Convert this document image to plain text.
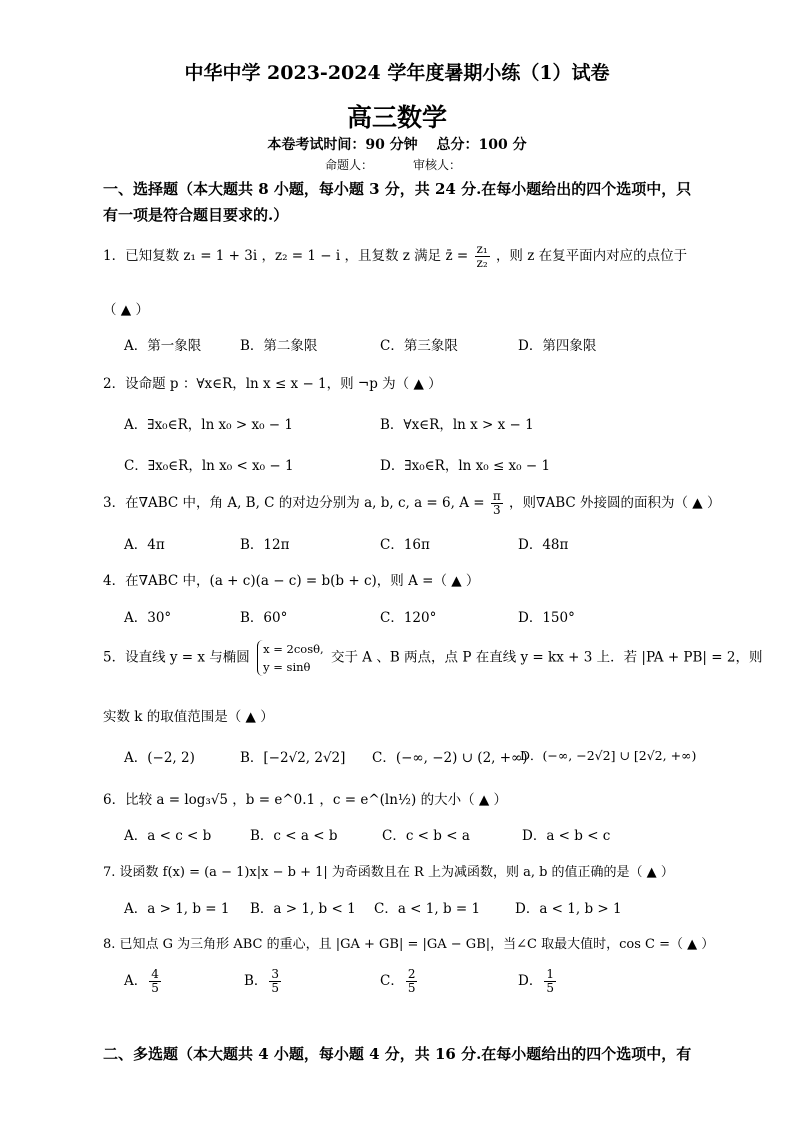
中华中学 2023-2024 学年度暑期小练（1）试卷
高三数学
本卷考试时间：90 分钟　 总分：100 分
命题人：	审核人：
一、选择题（本大题共 8 小题，每小题 3 分，共 24 分.在每小题给出的四个选项中，只
有一项是符合题目要求的.）
1．已知复数 z₁ = 1 + 3i ，z₂ = 1 − i ，且复数 z 满足 z̄ = $\frac{\text{z₁}}{\text{z₂}}$ ，则 z 在复平面内对应的点位于
（ ▲ ）
A．第一象限	B．第二象限	C．第三象限	D．第四象限
2．设命题 p ：∀x∈R，ln x ≤ x − 1，则 ¬p 为（ ▲ ）
A．∃x₀∈R，ln x₀ > x₀ − 1	B．∀x∈R，ln x > x − 1
C．∃x₀∈R，ln x₀ < x₀ − 1	D．∃x₀∈R，ln x₀ ≤ x₀ − 1
3．在∇ABC 中，角 A, B, C 的对边分别为 a, b, c, a = 6, $A = \frac{\pi}{3}$ ，则∇ABC 外接圆的面积为（ ▲ ）
A．4π	B．12π	C．16π	D．48π
4．在∇ABC 中，(a + c)(a − c) = b(b + c)，则 A =（ ▲ ）
A．30°	B．60°	C．120°	D．150°
5．设直线 y = x 与椭圆 x = 2cosθ,
y = sinθ 交于 A 、B 两点，点 P 在直线 y = kx + 3 上．若 |PA + PB| = 2，则
实数 k 的取值范围是（ ▲ ）
A．(−2, 2)	B．[−2√2, 2√2] C．(−∞, −2) ∪ (2, +∞)
D．(−∞, −2√2] ∪ [2√2, +∞)
6．比较 a = log₃√5 ，b = e^0.1 ，c = e^(ln½) 的大小（ ▲ ）
A．a < c < b	B．c < a < b	C．c < b < a	D．a < b < c
7. 设函数 f(x) = (a − 1)x|x − b + 1| 为奇函数且在 R 上为减函数，则 a, b 的值正确的是（ ▲ ）
A．a > 1, b = 1 B．a > 1, b < 1 C．a < 1, b = 1	D．a < 1, b > 1
8. 已知点 G 为三角形 ABC 的重心，且 |GA + GB| = |GA − GB|，当∠C 取最大值时，cos C =（ ▲ ）
A． $\frac{4}{5}$	B． $\frac{3}{5}$	C． $\frac{2}{5}$	D． $\frac{1}{5}$
二、多选题（本大题共 4 小题，每小题 4 分，共 16 分.在每小题给出的四个选项中，有
